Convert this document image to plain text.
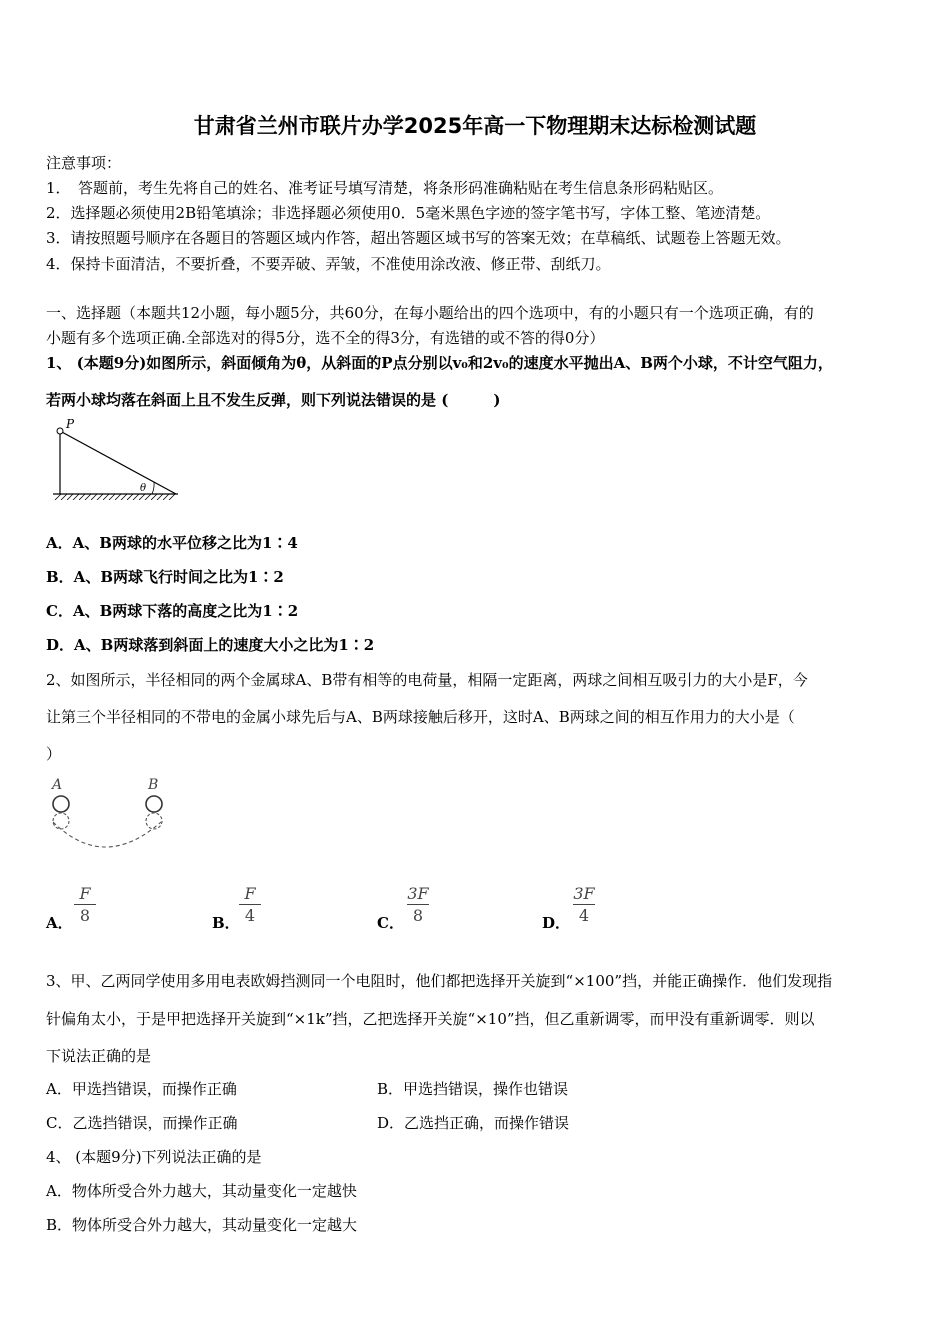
甘肃省兰州市联片办学2025年高一下物理期末达标检测试题
注意事项：
1．　答题前，考生先将自己的姓名、准考证号填写清楚，将条形码准确粘贴在考生信息条形码粘贴区。
2．选择题必须使用2B铅笔填涂；非选择题必须使用0．5毫米黑色字迹的签字笔书写，字体工整、笔迹清楚。
3．请按照题号顺序在各题目的答题区域内作答，超出答题区域书写的答案无效；在草稿纸、试题卷上答题无效。
4．保持卡面清洁，不要折叠，不要弄破、弄皱，不准使用涂改液、修正带、刮纸刀。
一、选择题（本题共12小题，每小题5分，共60分，在每小题给出的四个选项中，有的小题只有一个选项正确，有的
小题有多个选项正确.全部选对的得5分，选不全的得3分，有选错的或不答的得0分）
1、 (本题9分)如图所示，斜面倾角为θ，从斜面的P点分别以v₀和2v₀的速度水平抛出A、B两个小球，不计空气阻力，
若两小球均落在斜面上且不发生反弹，则下列说法错误的是 (　　　)
P
θ
A．A、B两球的水平位移之比为1∶4
B．A、B两球飞行时间之比为1∶2
C．A、B两球下落的高度之比为1∶2
D．A、B两球落到斜面上的速度大小之比为1∶2
2、如图所示，半径相同的两个金属球A、B带有相等的电荷量，相隔一定距离，两球之间相互吸引力的大小是F，今
让第三个半径相同的不带电的金属小球先后与A、B两球接触后移开，这时A、B两球之间的相互作用力的大小是（
）
A	B
A．
F
8	B．
F
4	C．
3F
8	D．
3F
4
3、甲、乙两同学使用多用电表欧姆挡测同一个电阻时，他们都把选择开关旋到“×100”挡，并能正确操作．他们发现指
针偏角太小，于是甲把选择开关旋到“×1k”挡，乙把选择开关旋“×10”挡，但乙重新调零，而甲没有重新调零．则以
下说法正确的是
A．甲选挡错误，而操作正确	B．甲选挡错误，操作也错误
C．乙选挡错误，而操作正确	D．乙选挡正确，而操作错误
4、 (本题9分)下列说法正确的是
A．物体所受合外力越大，其动量变化一定越快
B．物体所受合外力越大，其动量变化一定越大
